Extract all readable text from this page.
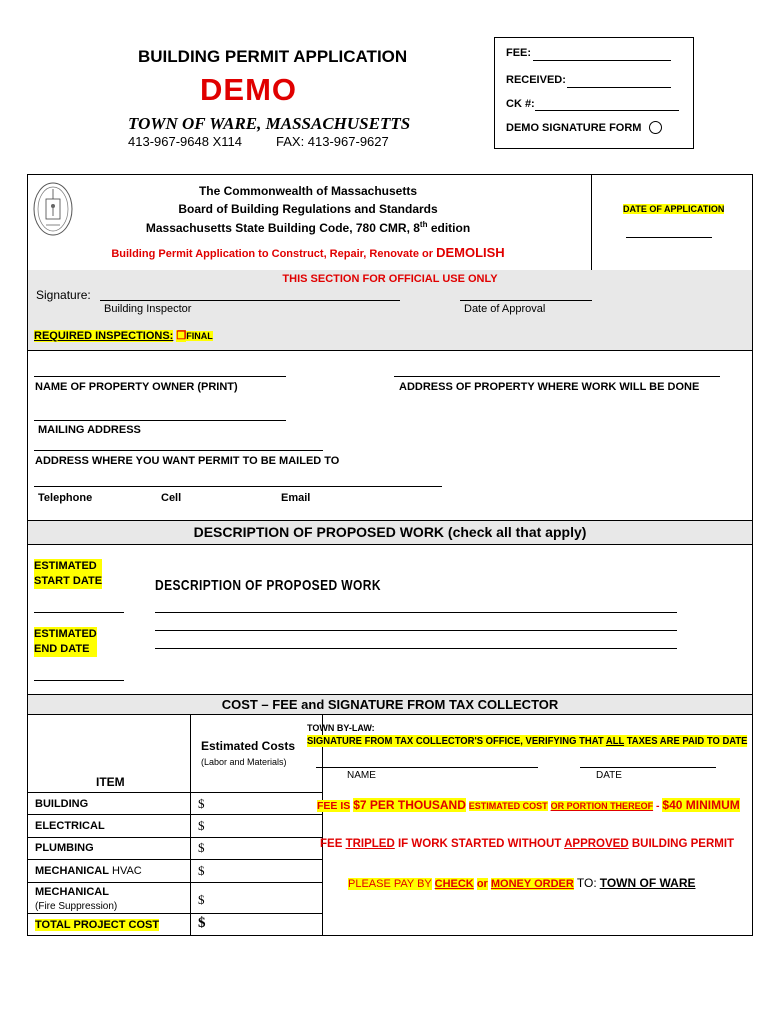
BUILDING PERMIT APPLICATION
DEMO
TOWN OF WARE, MASSACHUSETTS
413-967-9648 X114	FAX: 413-967-9627
FEE:
RECEIVED:
CK #:
DEMO SIGNATURE FORM
The Commonwealth of Massachusetts
Board of Building Regulations and Standards
Massachusetts State Building Code, 780 CMR, 8th edition
Building Permit Application to Construct, Repair, Renovate or DEMOLISH
DATE OF APPLICATION
THIS SECTION FOR OFFICIAL USE ONLY
Signature:
Building Inspector	Date of Approval
REQUIRED INSPECTIONS: ❒FINAL
NAME OF PROPERTY OWNER (PRINT)	ADDRESS OF PROPERTY WHERE WORK WILL BE DONE
MAILING ADDRESS
ADDRESS WHERE YOU WANT PERMIT TO BE MAILED TO
Telephone	Cell	Email
DESCRIPTION OF PROPOSED WORK (check all that apply)
ESTIMATED
START DATE
ESTIMATED
END DATE
DESCRIPTION OF PROPOSED WORK
COST – FEE and SIGNATURE FROM TAX COLLECTOR
Estimated Costs
(Labor and Materials)
ITEM
BUILDING	$
ELECTRICAL	$
PLUMBING	$
MECHANICAL HVAC	$
MECHANICAL
(Fire Suppression)	$
TOTAL PROJECT COST	$
TOWN BY-LAW:
SIGNATURE FROM TAX COLLECTOR'S OFFICE, VERIFYING THAT ALL TAXES ARE PAID TO DATE
NAME	DATE
FEE IS $7 PER THOUSAND ESTIMATED COST OR PORTION THEREOF - $40 MINIMUM
FEE TRIPLED IF WORK STARTED WITHOUT APPROVED BUILDING PERMIT
PLEASE PAY BY CHECK or MONEY ORDER TO: TOWN OF WARE
